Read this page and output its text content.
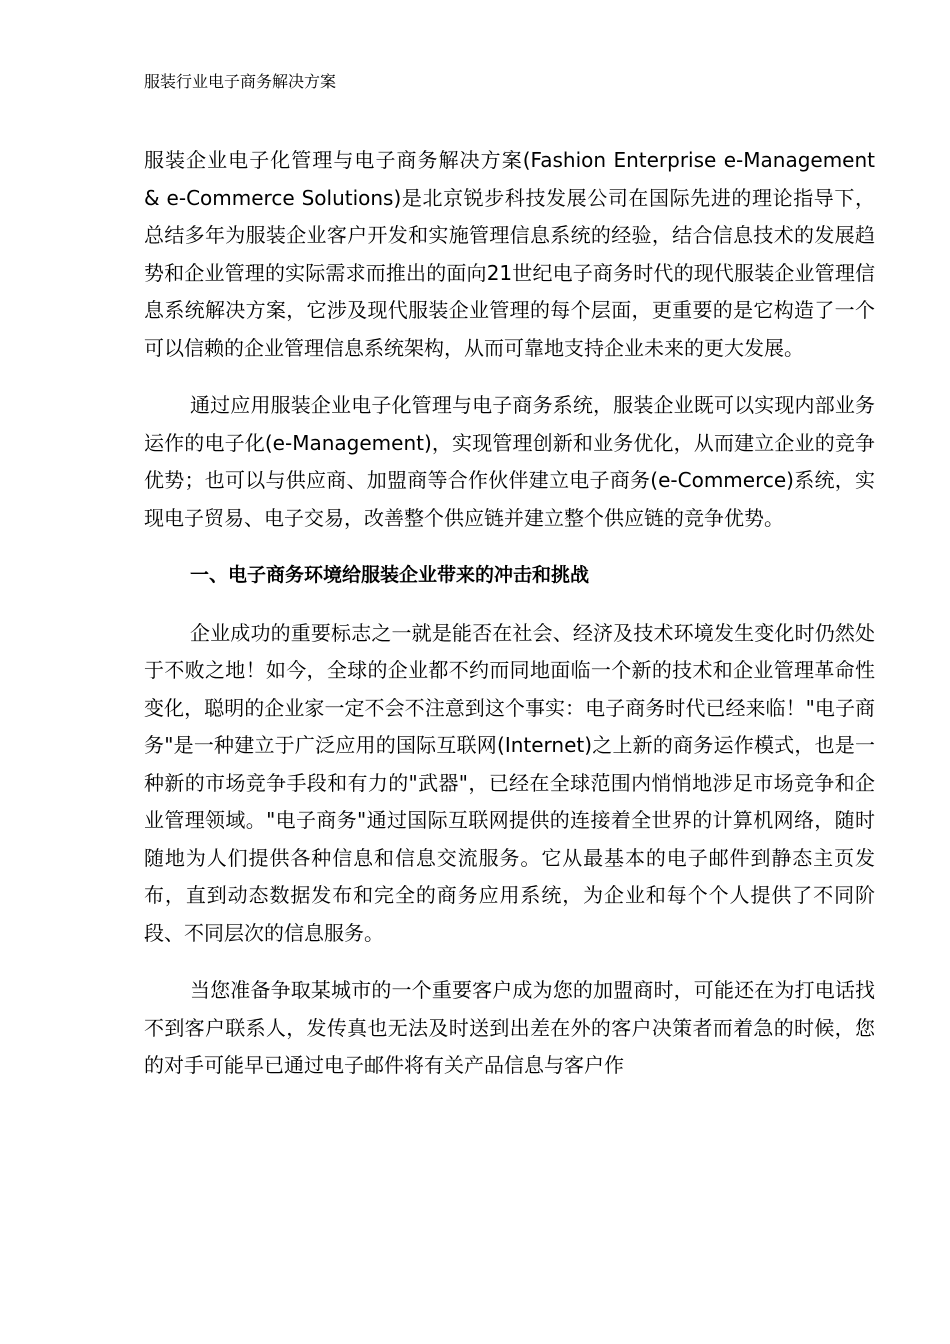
服装行业电子商务解决方案

服装企业电子化管理与电子商务解决方案(Fashion Enterprise e-Management & e-Commerce Solutions)是北京锐步科技发展公司在国际先进的理论指导下，总结多年为服装企业客户开发和实施管理信息系统的经验，结合信息技术的发展趋势和企业管理的实际需求而推出的面向21世纪电子商务时代的现代服装企业管理信息系统解决方案，它涉及现代服装企业管理的每个层面，更重要的是它构造了一个可以信赖的企业管理信息系统架构，从而可靠地支持企业未来的更大发展。

通过应用服装企业电子化管理与电子商务系统，服装企业既可以实现内部业务运作的电子化(e-Management)，实现管理创新和业务优化，从而建立企业的竞争优势；也可以与供应商、加盟商等合作伙伴建立电子商务(e-Commerce)系统，实现电子贸易、电子交易，改善整个供应链并建立整个供应链的竞争优势。

一、电子商务环境给服装企业带来的冲击和挑战

企业成功的重要标志之一就是能否在社会、经济及技术环境发生变化时仍然处于不败之地！如今，全球的企业都不约而同地面临一个新的技术和企业管理革命性变化，聪明的企业家一定不会不注意到这个事实：电子商务时代已经来临！"电子商务"是一种建立于广泛应用的国际互联网(Internet)之上新的商务运作模式，也是一种新的市场竞争手段和有力的"武器"，已经在全球范围内悄悄地涉足市场竞争和企业管理领域。"电子商务"通过国际互联网提供的连接着全世界的计算机网络，随时随地为人们提供各种信息和信息交流服务。它从最基本的电子邮件到静态主页发布，直到动态数据发布和完全的商务应用系统，为企业和每个个人提供了不同阶段、不同层次的信息服务。

当您准备争取某城市的一个重要客户成为您的加盟商时，可能还在为打电话找不到客户联系人，发传真也无法及时送到出差在外的客户决策者而着急的时候，您的对手可能早已通过电子邮件将有关产品信息与客户作
